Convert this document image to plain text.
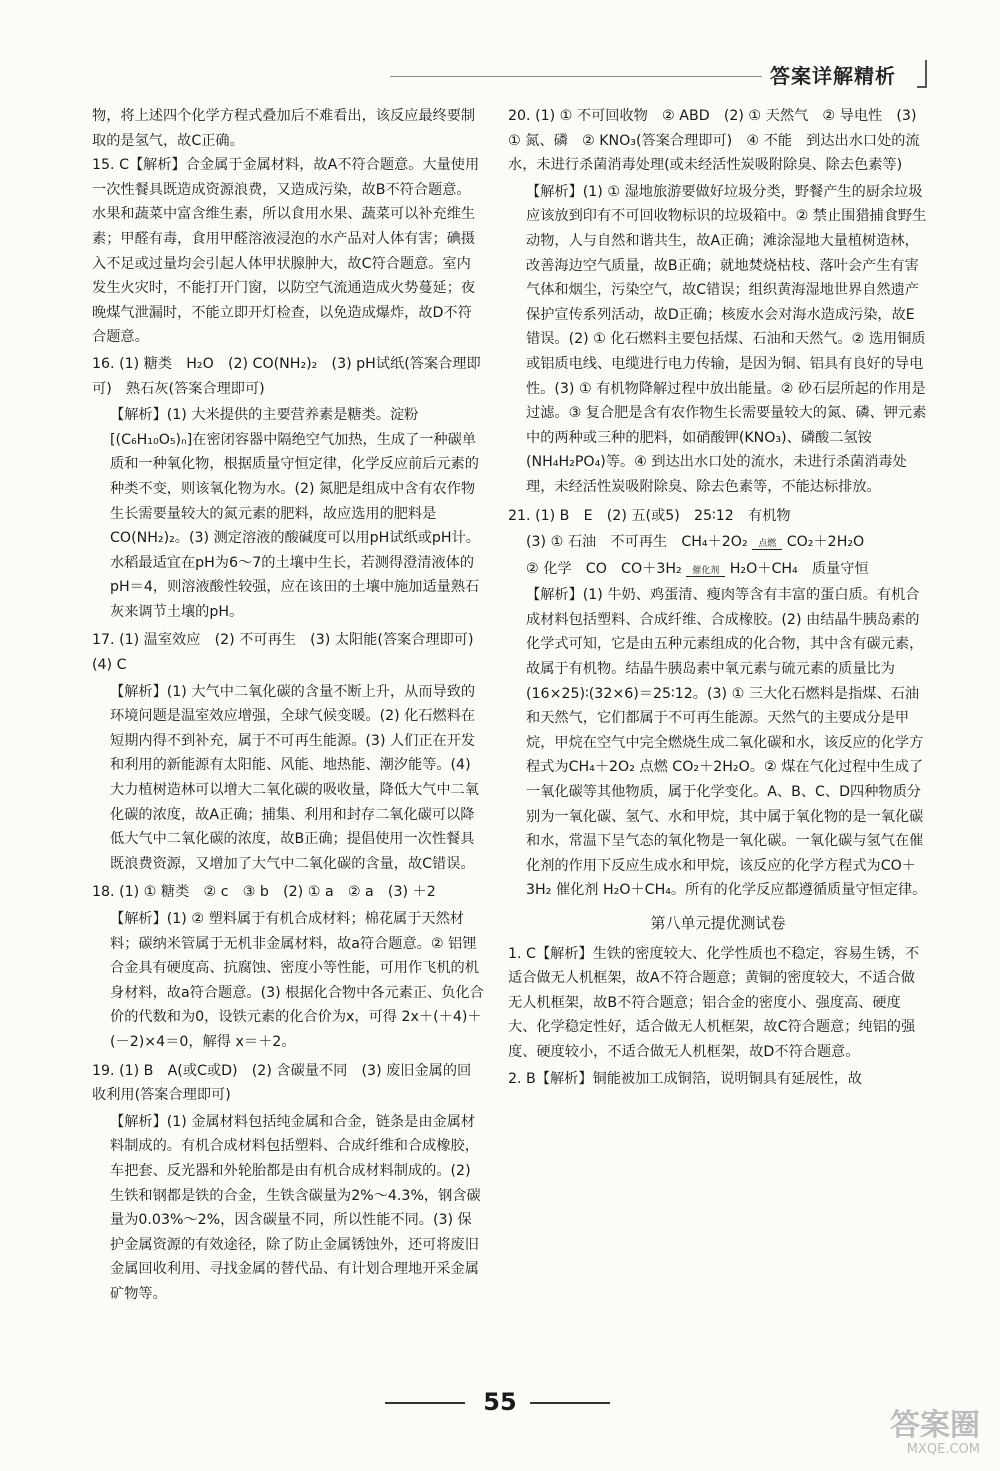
答案详解精析

物，将上述四个化学方程式叠加后不难看出，该反应最终要制取的是氢气，故C正确。

15. C【解析】合金属于金属材料，故A不符合题意。大量使用一次性餐具既造成资源浪费，又造成污染，故B不符合题意。水果和蔬菜中富含维生素，所以食用水果、蔬菜可以补充维生素；甲醛有毒，食用甲醛溶液浸泡的水产品对人体有害；碘摄入不足或过量均会引起人体甲状腺肿大，故C符合题意。室内发生火灾时，不能打开门窗，以防空气流通造成火势蔓延；夜晚煤气泄漏时，不能立即开灯检查，以免造成爆炸，故D不符合题意。

16. (1) 糖类　H₂O　(2) CO(NH₂)₂　(3) pH试纸(答案合理即可)　熟石灰(答案合理即可)

【解析】(1) 大米提供的主要营养素是糖类。淀粉[(C₆H₁₀O₅)ₙ]在密闭容器中隔绝空气加热，生成了一种碳单质和一种氧化物，根据质量守恒定律，化学反应前后元素的种类不变，则该氧化物为水。(2) 氮肥是组成中含有农作物生长需要量较大的氮元素的肥料，故应选用的肥料是CO(NH₂)₂。(3) 测定溶液的酸碱度可以用pH试纸或pH计。水稻最适宜在pH为6～7的土壤中生长，若测得澄清液体的pH＝4，则溶液酸性较强，应在该田的土壤中施加适量熟石灰来调节土壤的pH。

17. (1) 温室效应　(2) 不可再生　(3) 太阳能(答案合理即可)　(4) C

【解析】(1) 大气中二氧化碳的含量不断上升，从而导致的环境问题是温室效应增强，全球气候变暖。(2) 化石燃料在短期内得不到补充，属于不可再生能源。(3) 人们正在开发和利用的新能源有太阳能、风能、地热能、潮汐能等。(4) 大力植树造林可以增大二氧化碳的吸收量，降低大气中二氧化碳的浓度，故A正确；捕集、利用和封存二氧化碳可以降低大气中二氧化碳的浓度，故B正确；提倡使用一次性餐具既浪费资源，又增加了大气中二氧化碳的含量，故C错误。

18. (1) ① 糖类　② c　③ b　(2) ① a　② a　(3) ＋2

【解析】(1) ② 塑料属于有机合成材料；棉花属于天然材料；碳纳米管属于无机非金属材料，故a符合题意。② 铝锂合金具有硬度高、抗腐蚀、密度小等性能，可用作飞机的机身材料，故a符合题意。(3) 根据化合物中各元素正、负化合价的代数和为0，设铁元素的化合价为x，可得 2x＋(＋4)＋(－2)×4＝0，解得 x＝＋2。

19. (1) B　A(或C或D)　(2) 含碳量不同　(3) 废旧金属的回收利用(答案合理即可)

【解析】(1) 金属材料包括纯金属和合金，链条是由金属材料制成的。有机合成材料包括塑料、合成纤维和合成橡胶，车把套、反光器和外轮胎都是由有机合成材料制成的。(2) 生铁和钢都是铁的合金，生铁含碳量为2%～4.3%，钢含碳量为0.03%～2%，因含碳量不同，所以性能不同。(3) 保护金属资源的有效途径，除了防止金属锈蚀外，还可将废旧金属回收利用、寻找金属的替代品、有计划合理地开采金属矿物等。

20. (1) ① 不可回收物　② ABD　(2) ① 天然气　② 导电性　(3) ① 氮、磷　② KNO₃(答案合理即可)　④ 不能　到达出水口处的流水，未进行杀菌消毒处理(或未经活性炭吸附除臭、除去色素等)

【解析】(1) ① 湿地旅游要做好垃圾分类，野餐产生的厨余垃圾应该放到印有不可回收物标识的垃圾箱中。② 禁止围猎捕食野生动物，人与自然和谐共生，故A正确；滩涂湿地大量植树造林，改善海边空气质量，故B正确；就地焚烧枯枝、落叶会产生有害气体和烟尘，污染空气，故C错误；组织黄海湿地世界自然遗产保护宣传系列活动，故D正确；核废水会对海水造成污染，故E错误。(2) ① 化石燃料主要包括煤、石油和天然气。② 选用铜质或铝质电线、电缆进行电力传输，是因为铜、铝具有良好的导电性。(3) ① 有机物降解过程中放出能量。② 砂石层所起的作用是过滤。③ 复合肥是含有农作物生长需要量较大的氮、磷、钾元素中的两种或三种的肥料，如硝酸钾(KNO₃)、磷酸二氢铵(NH₄H₂PO₄)等。④ 到达出水口处的流水，未进行杀菌消毒处理，未经活性炭吸附除臭、除去色素等，不能达标排放。

21. (1) B　E　(2) 五(或5)　25∶12　有机物

(3) ① 石油　不可再生　CH₄＋2O₂	点燃 CO₂＋2H₂O

② 化学　CO　CO＋3H₂	催化剂 H₂O＋CH₄　质量守恒

【解析】(1) 牛奶、鸡蛋清、瘦肉等含有丰富的蛋白质。有机合成材料包括塑料、合成纤维、合成橡胶。(2) 由结晶牛胰岛素的化学式可知，它是由五种元素组成的化合物，其中含有碳元素，故属于有机物。结晶牛胰岛素中氧元素与硫元素的质量比为(16×25)∶(32×6)＝25∶12。(3) ① 三大化石燃料是指煤、石油和天然气，它们都属于不可再生能源。天然气的主要成分是甲烷，甲烷在空气中完全燃烧生成二氧化碳和水，该反应的化学方程式为CH₄＋2O₂ 点燃 CO₂＋2H₂O。② 煤在气化过程中生成了一氧化碳等其他物质，属于化学变化。A、B、C、D四种物质分别为一氧化碳、氢气、水和甲烷，其中属于氧化物的是一氧化碳和水，常温下呈气态的氧化物是一氧化碳。一氧化碳与氢气在催化剂的作用下反应生成水和甲烷，该反应的化学方程式为CO＋3H₂ 催化剂 H₂O＋CH₄。所有的化学反应都遵循质量守恒定律。

第八单元提优测试卷

1. C【解析】生铁的密度较大、化学性质也不稳定，容易生锈，不适合做无人机框架，故A不符合题意；黄铜的密度较大，不适合做无人机框架，故B不符合题意；铝合金的密度小、强度高、硬度大、化学稳定性好，适合做无人机框架，故C符合题意；纯铝的强度、硬度较小，不适合做无人机框架，故D不符合题意。

2. B【解析】铜能被加工成铜箔，说明铜具有延展性，故

55
答案圈
MXQE.COM
